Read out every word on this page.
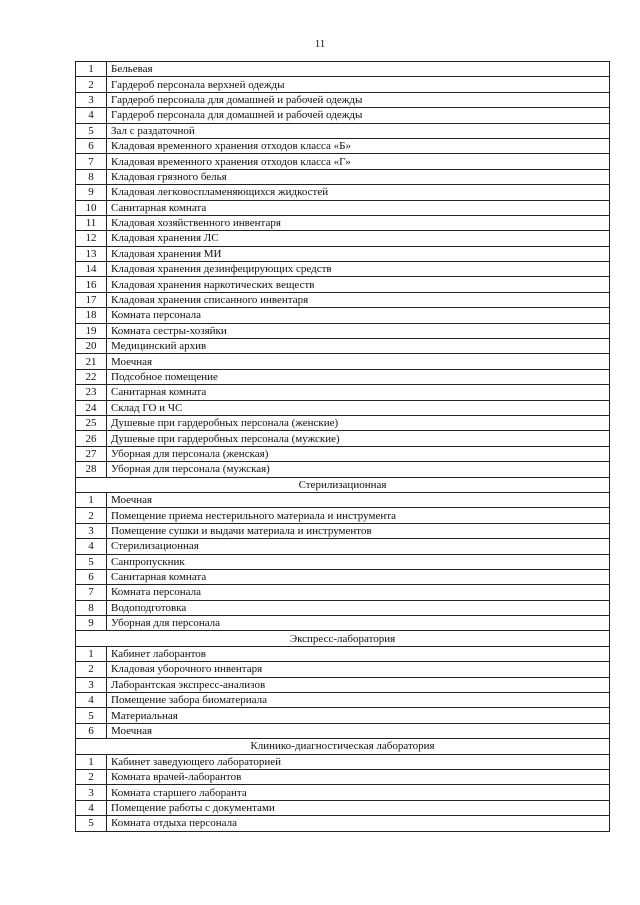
11
1	Бельевая
2	Гардероб персонала верхней одежды
3	Гардероб персонала для домашней и рабочей одежды
4	Гардероб персонала для домашней и рабочей одежды
5	Зал с раздаточной
6	Кладовая временного хранения отходов класса «Б»
7	Кладовая временного хранения отходов класса «Г»
8	Кладовая грязного белья
9	Кладовая легковоспламеняющихся жидкостей
10	Санитарная комната
11	Кладовая хозяйственного инвентаря
12	Кладовая хранения ЛС
13	Кладовая хранения МИ
14	Кладовая хранения дезинфецирующих средств
16	Кладовая хранения наркотических веществ
17	Кладовая хранения списанного инвентаря
18	Комната персонала
19	Комната сестры-хозяйки
20	Медицинский архив
21	Моечная
22	Подсобное помещение
23	Санитарная комната
24	Склад ГО и ЧС
25	Душевые при гардеробных персонала (женские)
26	Душевые при гардеробных персонала (мужские)
27	Уборная для персонала (женская)
28	Уборная для персонала (мужская)
Стерилизационная	
1	Моечная
2	Помещение приема нестерильного материала и инструмента
3	Помещение сушки и выдачи материала и инструментов
4	Стерилизационная
5	Санпропускник
6	Санитарная комната
7	Комната персонала
8	Водоподготовка
9	Уборная для персонала
Экспресс-лаборатория	
1	Кабинет лаборантов
2	Кладовая уборочного инвентаря
3	Лаборантская экспресс-анализов
4	Помещение забора биоматериала
5	Материальная
6	Моечная
Клинико-диагностическая лаборатория	
1	Кабинет заведующего лабораторией
2	Комната врачей-лаборантов
3	Комната старшего лаборанта
4	Помещение работы с документами
5	Комната отдыха персонала
